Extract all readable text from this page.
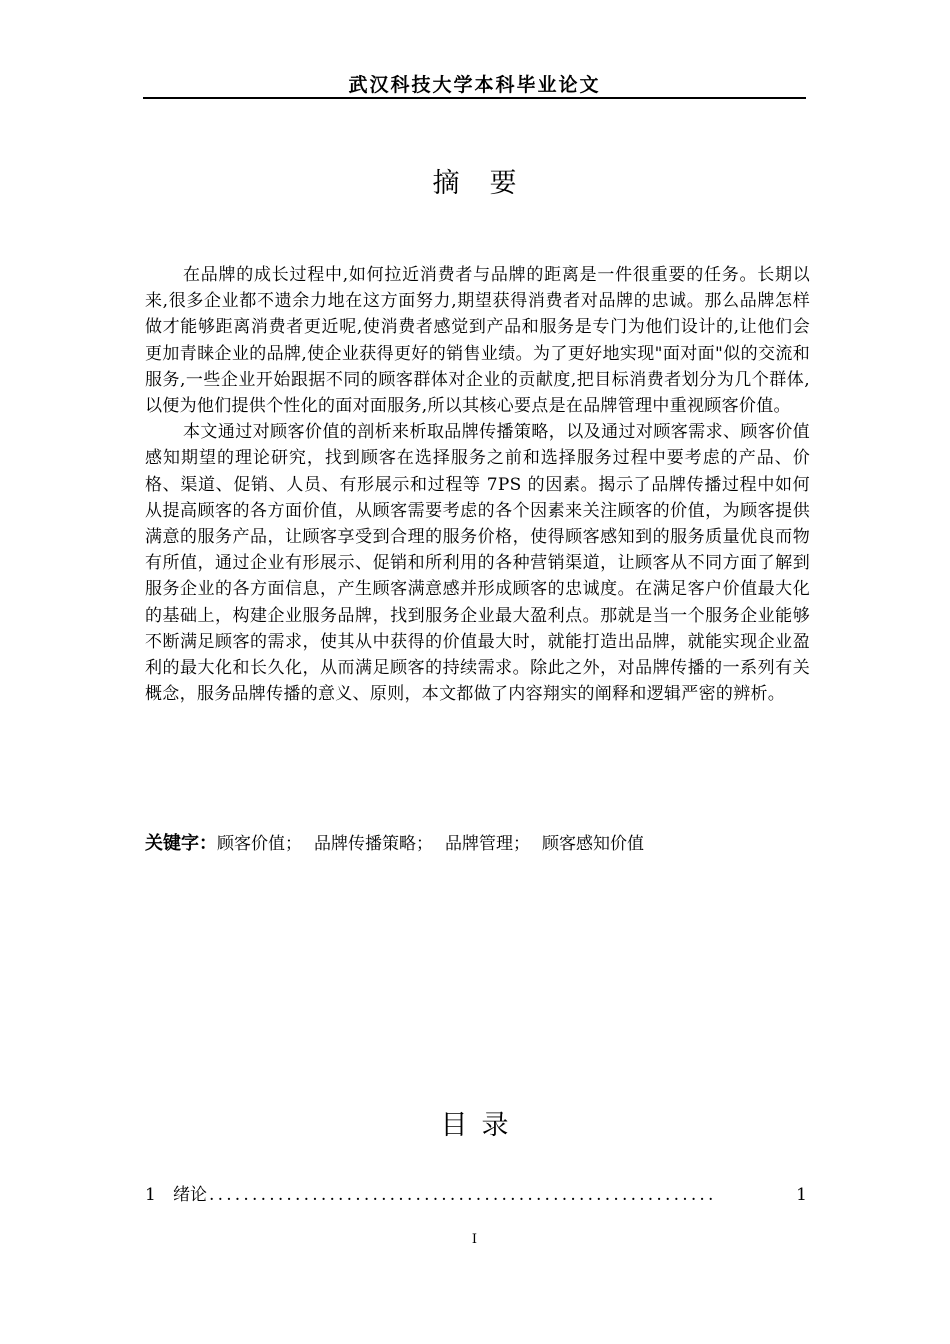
武汉科技大学本科毕业论文
摘 要

在品牌的成长过程中,如何拉近消费者与品牌的距离是一件很重要的任务。长期以来,很多企业都不遗余力地在这方面努力,期望获得消费者对品牌的忠诚。那么品牌怎样做才能够距离消费者更近呢,使消费者感觉到产品和服务是专门为他们设计的,让他们会更加青睐企业的品牌,使企业获得更好的销售业绩。为了更好地实现"面对面"似的交流和服务,一些企业开始跟据不同的顾客群体对企业的贡献度,把目标消费者划分为几个群体,以便为他们提供个性化的面对面服务,所以其核心要点是在品牌管理中重视顾客价值。

本文通过对顾客价值的剖析来析取品牌传播策略，以及通过对顾客需求、顾客价值感知期望的理论研究，找到顾客在选择服务之前和选择服务过程中要考虑的产品、价格、渠道、促销、人员、有形展示和过程等 7PS 的因素。揭示了品牌传播过程中如何从提高顾客的各方面价值，从顾客需要考虑的各个因素来关注顾客的价值，为顾客提供满意的服务产品，让顾客享受到合理的服务价格，使得顾客感知到的服务质量优良而物有所值，通过企业有形展示、促销和所利用的各种营销渠道，让顾客从不同方面了解到服务企业的各方面信息，产生顾客满意感并形成顾客的忠诚度。在满足客户价值最大化的基础上，构建企业服务品牌，找到服务企业最大盈利点。那就是当一个服务企业能够不断满足顾客的需求，使其从中获得的价值最大时，就能打造出品牌，就能实现企业盈利的最大化和长久化，从而满足顾客的持续需求。除此之外，对品牌传播的一系列有关概念，服务品牌传播的意义、原则，本文都做了内容翔实的阐释和逻辑严密的辨析。

关键字：顾客价值； 品牌传播策略； 品牌管理； 顾客感知价值
目 录
1	绪论 ...........................................................	1
I
